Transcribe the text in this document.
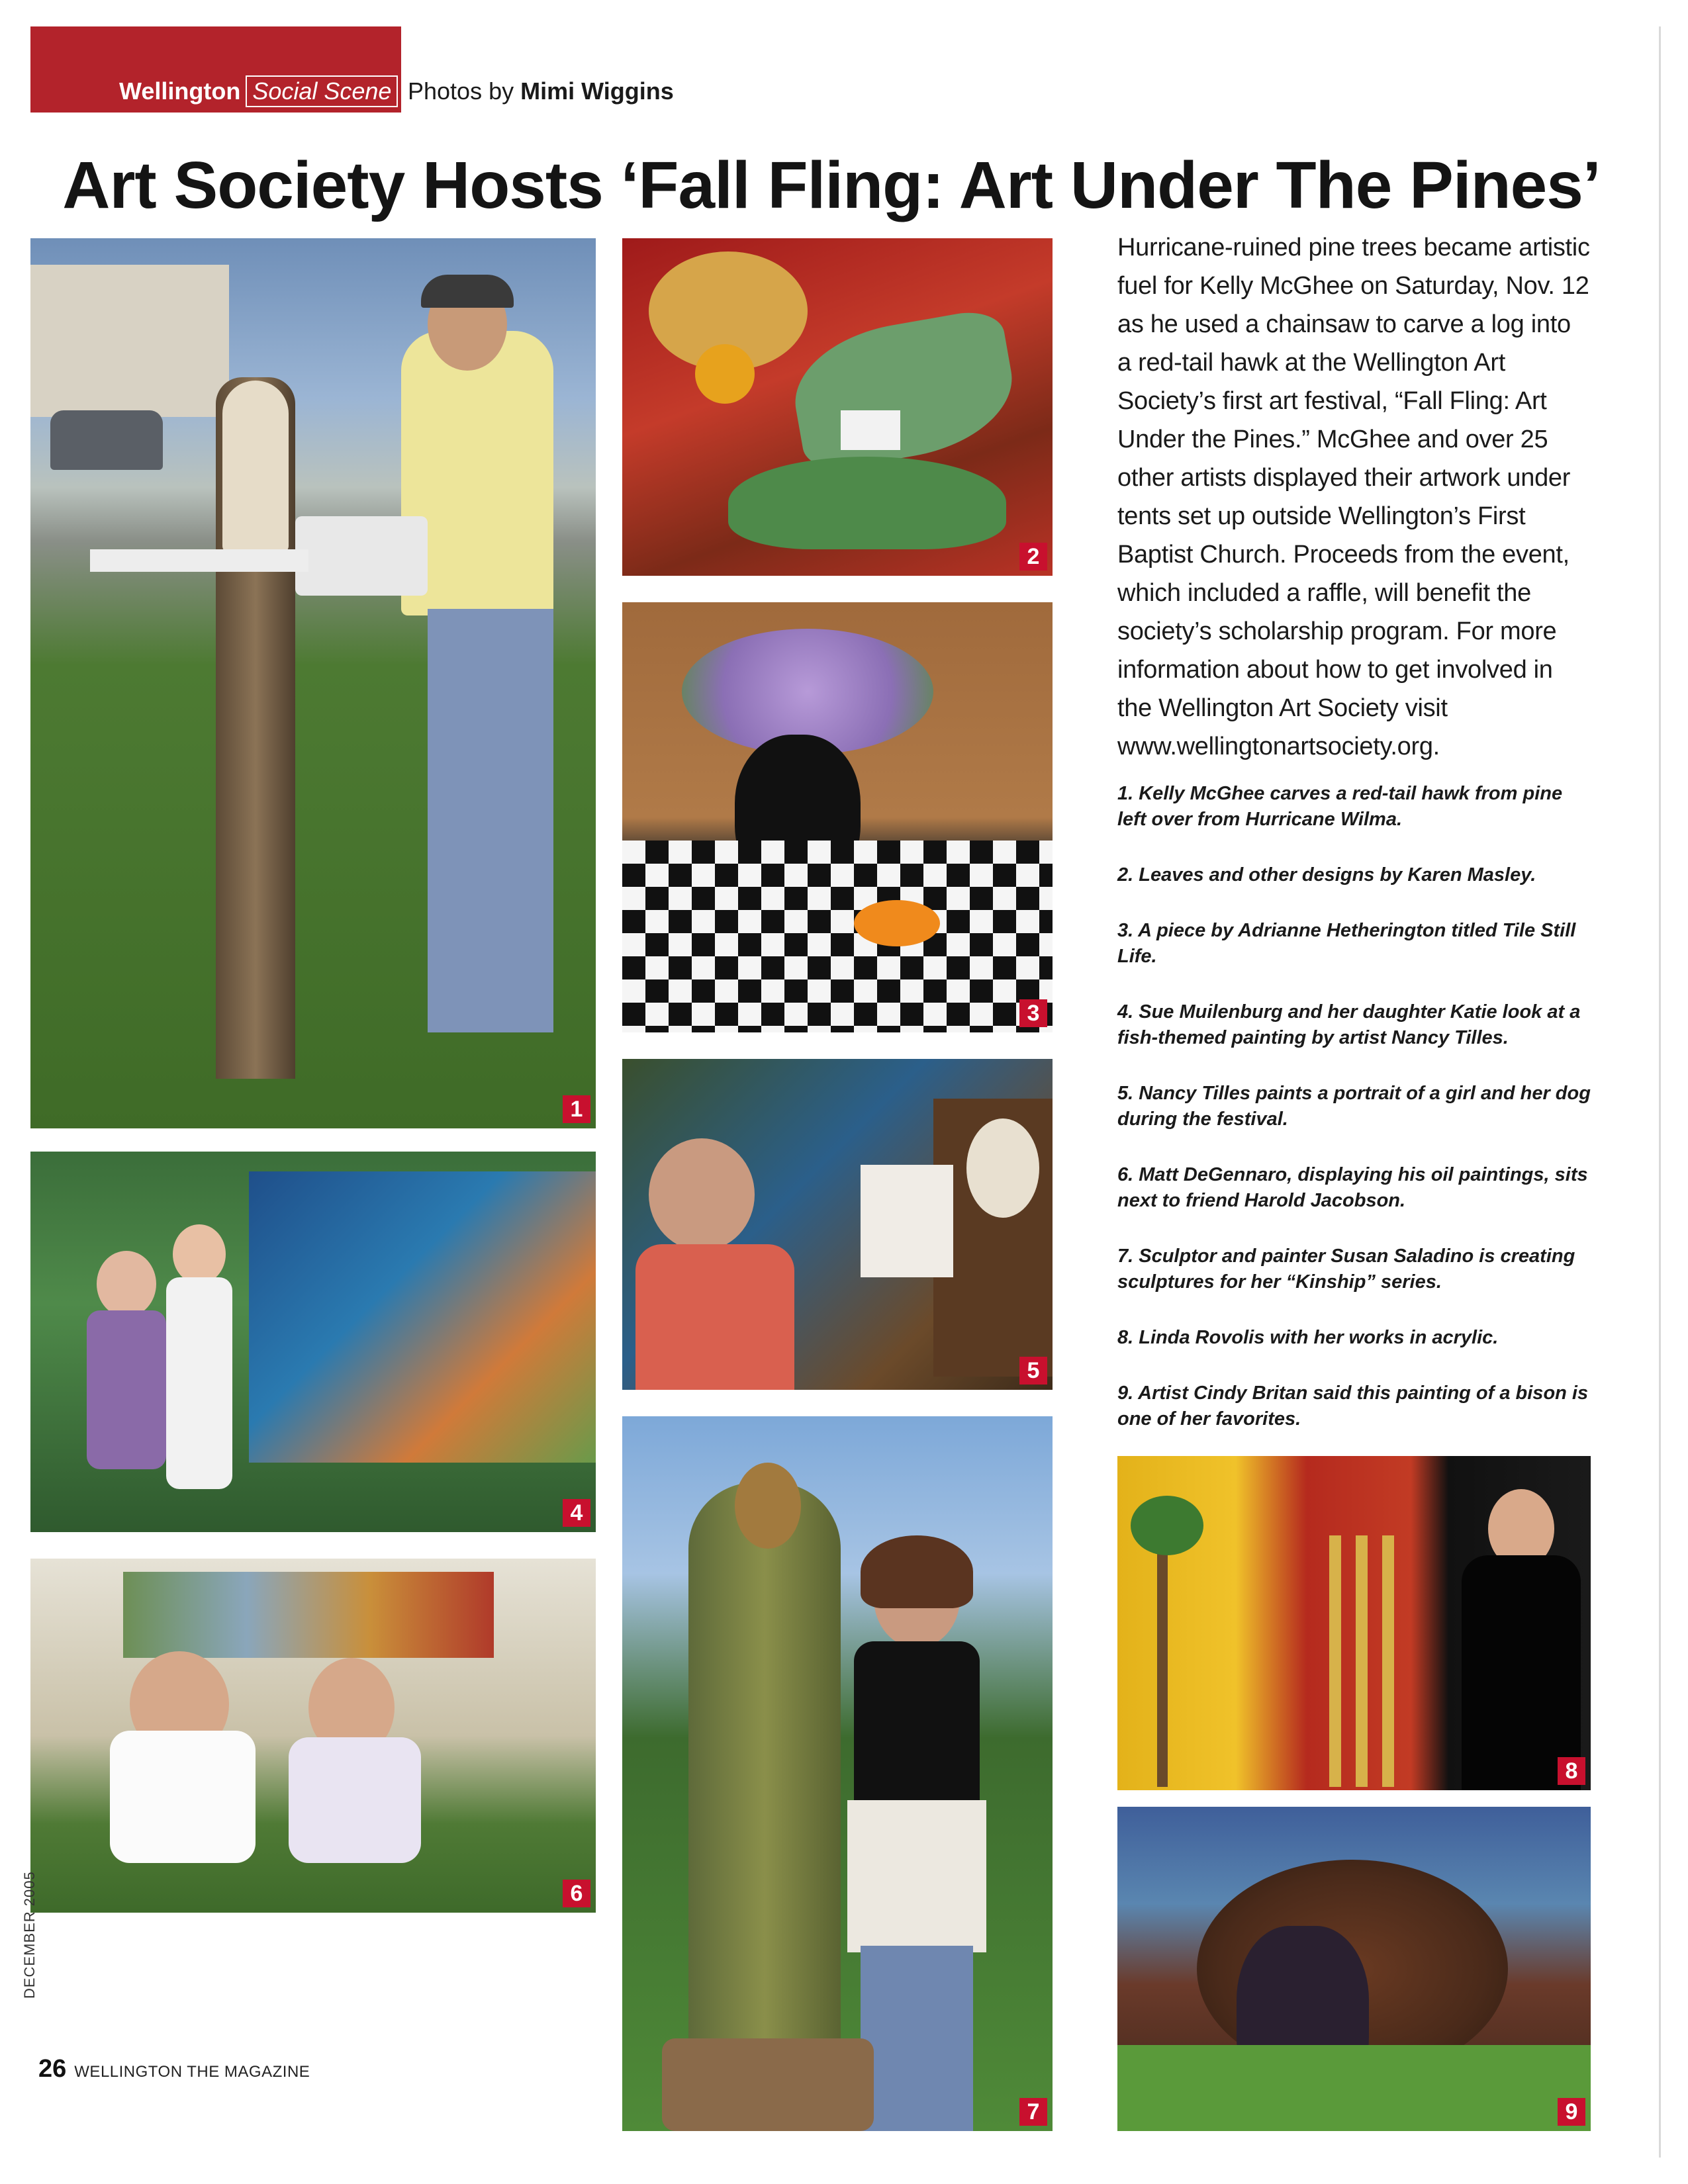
Wellington Social Scene Photos by Mimi Wiggins
Art Society Hosts ‘Fall Fling: Art Under The Pines’
1
2
3
4
5
6
7
8
9
Hurricane-ruined pine trees became artistic fuel for Kelly McGhee on Saturday, Nov. 12 as he used a chainsaw to carve a log into a red-tail hawk at the Wellington Art Society’s first art festival, “Fall Fling: Art Under the Pines.” McGhee and over 25 other artists displayed their artwork under tents set up outside Wellington’s First Baptist Church. Proceeds from the event, which included a raffle, will benefit the society’s scholarship program. For more information about how to get involved in the Wellington Art Society visit www.wellingtonartsociety.org.

1. Kelly McGhee carves a red-tail hawk from pine left over from Hurricane Wilma.

2. Leaves and other designs by Karen Masley.

3. A piece by Adrianne Hetherington titled Tile Still Life.

4. Sue Muilenburg and her daughter Katie look at a fish-themed painting by artist Nancy Tilles.

5. Nancy Tilles paints a portrait of a girl and her dog during the festival.

6. Matt DeGennaro, displaying his oil paintings, sits next to friend Harold Jacobson.

7. Sculptor and painter Susan Saladino is creating sculptures for her “Kinship” series.

8. Linda Rovolis with her works in acrylic.

9. Artist Cindy Britan said this painting of a bison is one of her favorites.

DECEMBER 2005
26 WELLINGTON THE MAGAZINE
